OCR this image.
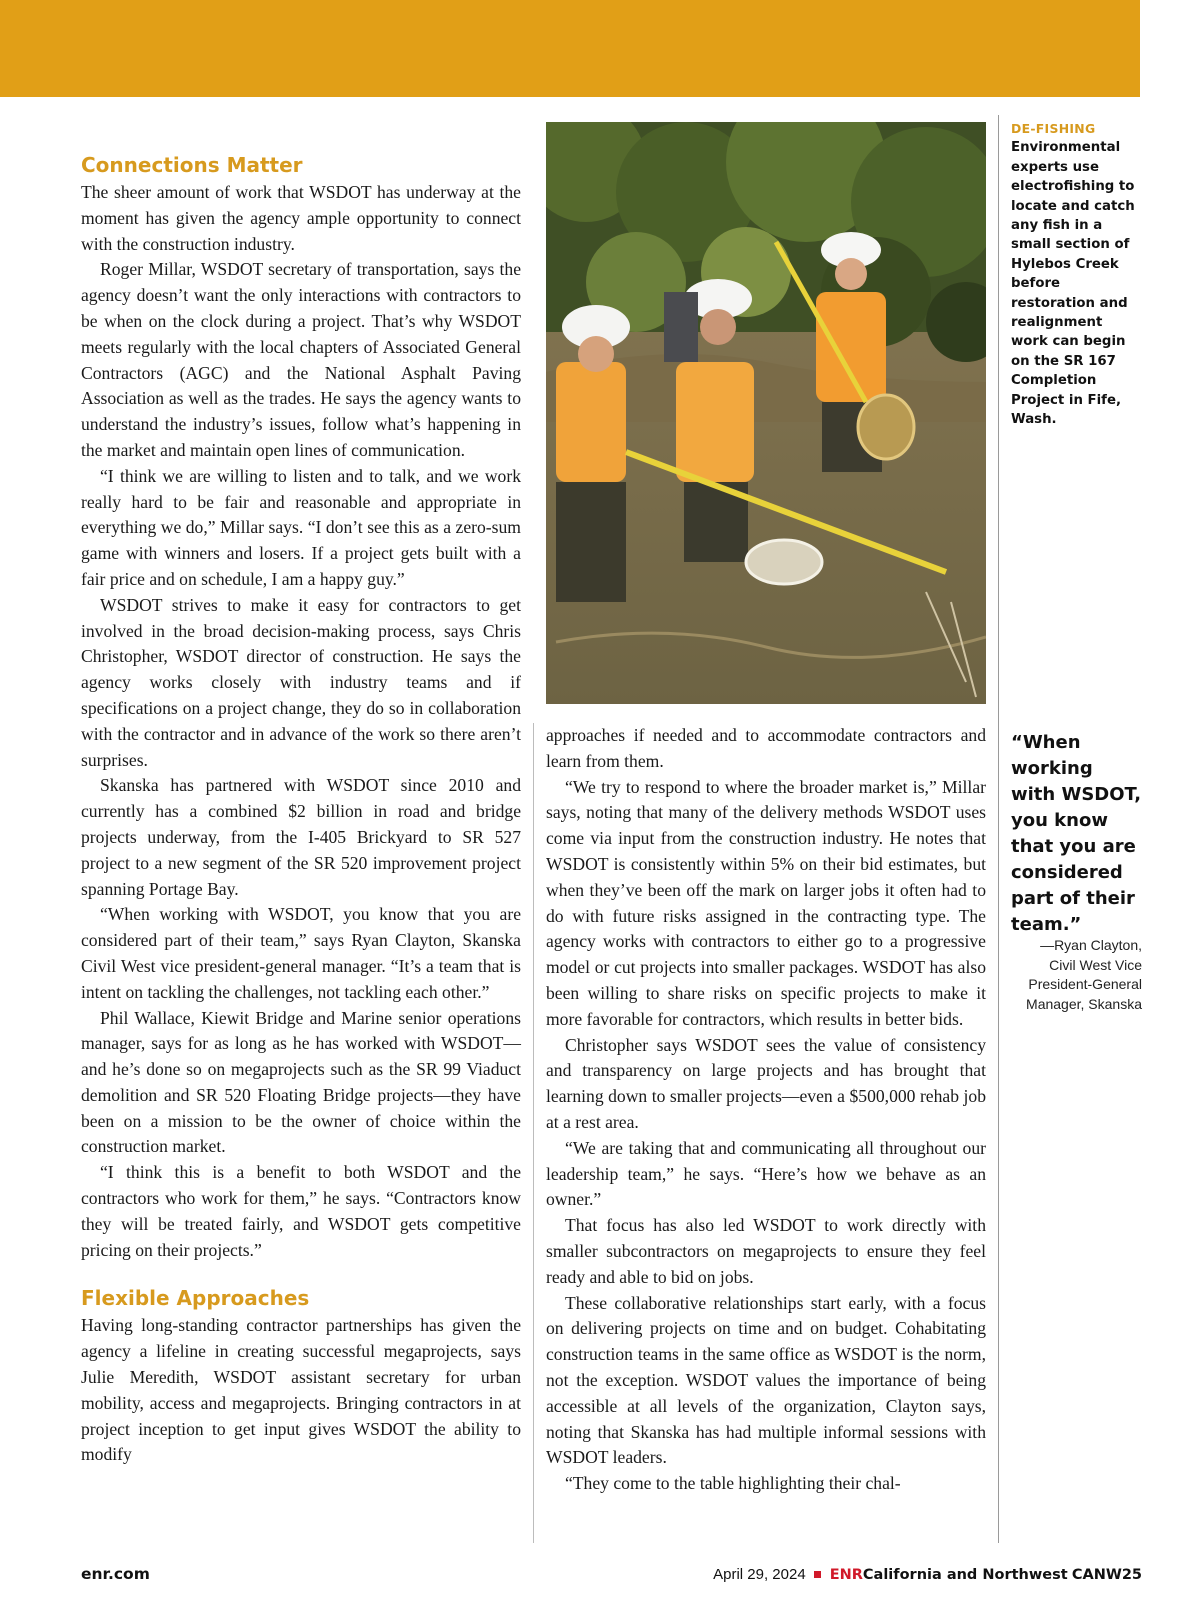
Connections Matter

The sheer amount of work that WSDOT has underway at the moment has given the agency ample opportunity to connect with the construction industry.

Roger Millar, WSDOT secretary of transportation, says the agency doesn’t want the only interactions with contractors to be when on the clock during a project. That’s why WSDOT meets regularly with the local chapters of Associated General Contractors (AGC) and the National Asphalt Paving Association as well as the trades. He says the agency wants to understand the industry’s issues, follow what’s happening in the market and maintain open lines of communication.

“I think we are willing to listen and to talk, and we work really hard to be fair and reasonable and appropriate in everything we do,” Millar says. “I don’t see this as a zero-sum game with winners and losers. If a project gets built with a fair price and on schedule, I am a happy guy.”

WSDOT strives to make it easy for contractors to get involved in the broad decision-making process, says Chris Christopher, WSDOT director of construction. He says the agency works closely with industry teams and if specifications on a project change, they do so in collaboration with the contractor and in advance of the work so there aren’t surprises.

Skanska has partnered with WSDOT since 2010 and currently has a combined $2 billion in road and bridge projects underway, from the I-405 Brickyard to SR 527 project to a new segment of the SR 520 improvement project spanning Portage Bay.

“When working with WSDOT, you know that you are considered part of their team,” says Ryan Clayton, Skanska Civil West vice president-general manager. “It’s a team that is intent on tackling the challenges, not tackling each other.”

Phil Wallace, Kiewit Bridge and Marine senior operations manager, says for as long as he has worked with WSDOT—and he’s done so on megaprojects such as the SR 99 Viaduct demolition and SR 520 Floating Bridge projects—they have been on a mission to be the owner of choice within the construction market.

“I think this is a benefit to both WSDOT and the contractors who work for them,” he says. “Contractors know they will be treated fairly, and WSDOT gets competitive pricing on their projects.”

Flexible Approaches

Having long-standing contractor partnerships has given the agency a lifeline in creating successful megaprojects, says Julie Meredith, WSDOT assistant secretary for urban mobility, access and megaprojects. Bringing contractors in at project inception to get input gives WSDOT the ability to modify

DE-FISHING
Environmental experts use electrofishing to locate and catch any fish in a small section of Hylebos Creek before restoration and realignment work can begin on the SR 167 Completion Project in Fife, Wash.

approaches if needed and to accommodate contractors and learn from them.

“We try to respond to where the broader market is,” Millar says, noting that many of the delivery methods WSDOT uses come via input from the construction industry. He notes that WSDOT is consistently within 5% on their bid estimates, but when they’ve been off the mark on larger jobs it often had to do with future risks assigned in the contracting type. The agency works with contractors to either go to a progressive model or cut projects into smaller packages. WSDOT has also been willing to share risks on specific projects to make it more favorable for contractors, which results in better bids.

Christopher says WSDOT sees the value of consistency and transparency on large projects and has brought that learning down to smaller projects—even a $500,000 rehab job at a rest area.

“We are taking that and communicating all throughout our leadership team,” he says. “Here’s how we behave as an owner.”

That focus has also led WSDOT to work directly with smaller subcontractors on megaprojects to ensure they feel ready and able to bid on jobs.

These collaborative relationships start early, with a focus on delivering projects on time and on budget. Cohabitating construction teams in the same office as WSDOT is the norm, not the exception. WSDOT values the importance of being accessible at all levels of the organization, Clayton says, noting that Skanska has had multiple informal sessions with WSDOT leaders.

“They come to the table highlighting their chal-

“When working with WSDOT, you know that you are considered part of their team.”
—Ryan Clayton, Civil West Vice President-General Manager, Skanska
enr.com	April 29, 2024 ENRCalifornia and Northwest CANW25
